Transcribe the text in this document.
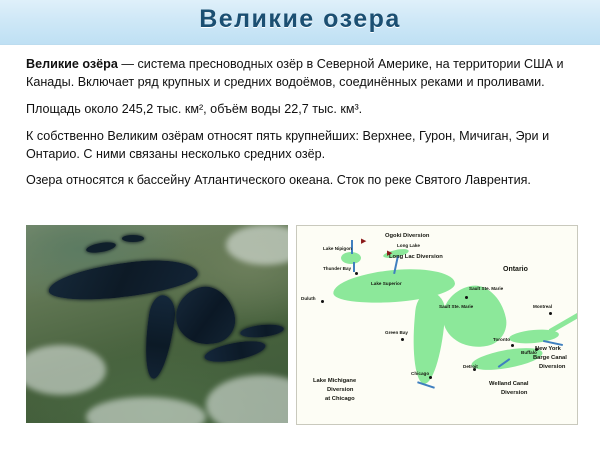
Великие озера

Великие озёра — система пресноводных озёр в Северной Америке, на территории США и Канады. Включает ряд крупных и средних водоёмов, соединённых реками и проливами.

Площадь около 245,2 тыс. км², объём воды 22,7 тыс. км³.

К собственно Великим озёрам относят пять крупнейших: Верхнее, Гурон, Мичиган, Эри и Онтарио. С ними связаны несколько средних озёр.

Озера относятся к бассейну Атлантического океана. Сток по реке Святого Лаврентия.

▶
▶
Ogoki Diversion
Lake Nipigon
Long Lake
Long Lac Diversion
Thunder Bay	Ontario
Duluth
Lake Superior
Sault Ste. Marie
Sault Ste. Marie	Montreal
Green Bay
Toronto
Buffalo
Chicago
Detroit
New York
Barge Canal
Diversion
Welland Canal
Diversion
Lake Michigane
Diversion
at Chicago
